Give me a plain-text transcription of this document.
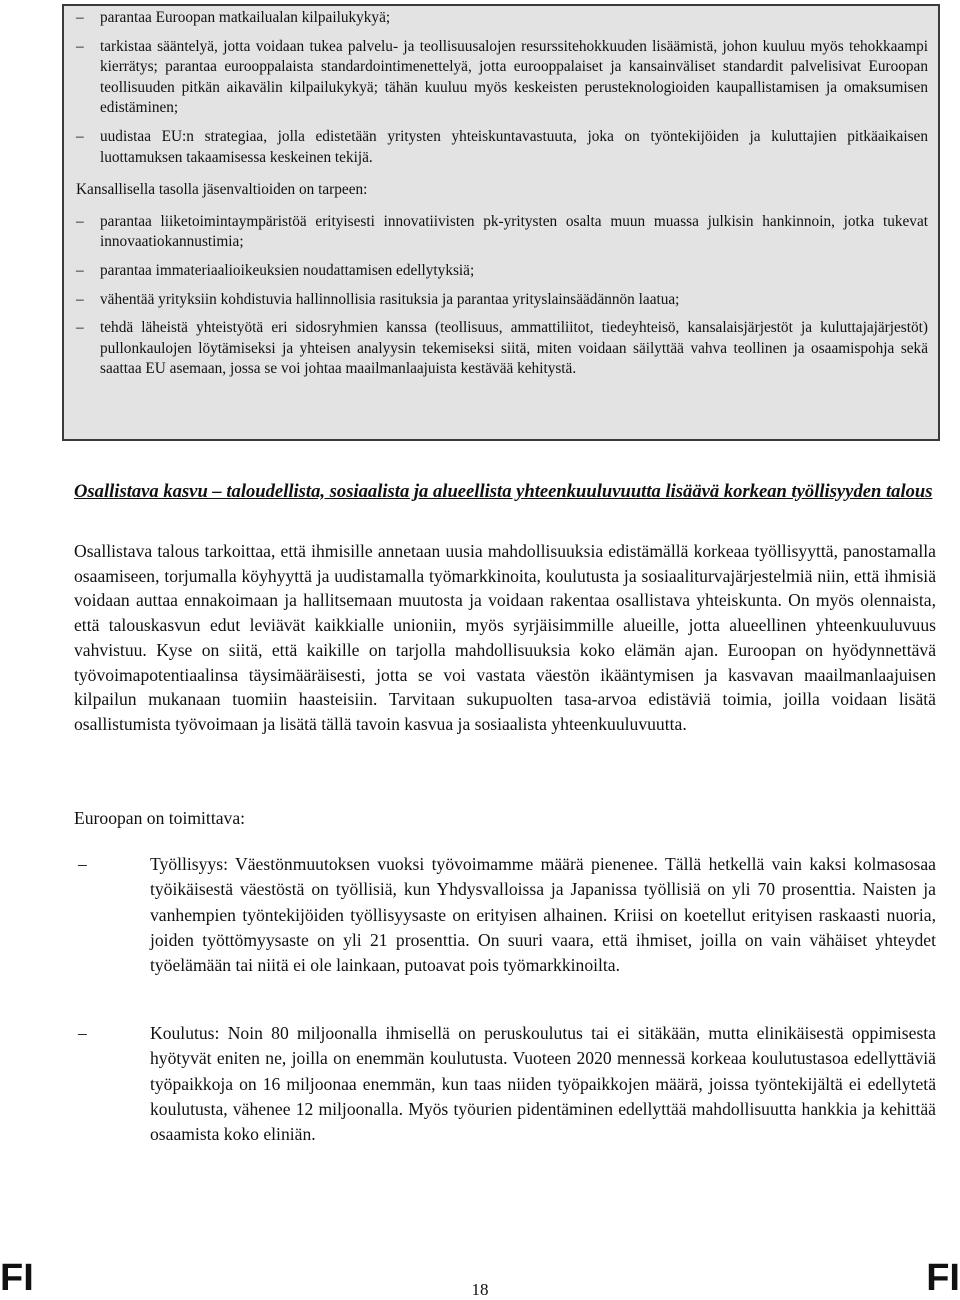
– parantaa Euroopan matkailualan kilpailukykyä;
– tarkistaa sääntelyä, jotta voidaan tukea palvelu- ja teollisuusalojen resurssitehokkuuden lisäämistä, johon kuuluu myös tehokkaampi kierrätys; parantaa eurooppalaista standardointimenettelyä, jotta eurooppalaiset ja kansainväliset standardit palvelisivat Euroopan teollisuuden pitkän aikavälin kilpailukykyä; tähän kuuluu myös keskeisten perusteknologioiden kaupallistamisen ja omaksumisen edistäminen;
– uudistaa EU:n strategiaa, jolla edistetään yritysten yhteiskuntavastuuta, joka on työntekijöiden ja kuluttajien pitkäaikaisen luottamuksen takaamisessa keskeinen tekijä.
Kansallisella tasolla jäsenvaltioiden on tarpeen:
– parantaa liiketoimintaympäristöä erityisesti innovatiivisten pk-yritysten osalta muun muassa julkisin hankinnoin, jotka tukevat innovaatiokannustimia;
– parantaa immateriaalioikeuksien noudattamisen edellytyksiä;
– vähentää yrityksiin kohdistuvia hallinnollisia rasituksia ja parantaa yrityslainsäädännön laatua;
– tehdä läheistä yhteistyötä eri sidosryhmien kanssa (teollisuus, ammattiliitot, tiedeyhteisö, kansalaisjärjestöt ja kuluttajajärjestöt) pullonkaulojen löytämiseksi ja yhteisen analyysin tekemiseksi siitä, miten voidaan säilyttää vahva teollinen ja osaamispohja sekä saattaa EU asemaan, jossa se voi johtaa maailmanlaajuista kestävää kehitystä.
Osallistava kasvu – taloudellista, sosiaalista ja alueellista yhteenkuuluvuutta lisäävä korkean työllisyyden talous
Osallistava talous tarkoittaa, että ihmisille annetaan uusia mahdollisuuksia edistämällä korkeaa työllisyyttä, panostamalla osaamiseen, torjumalla köyhyyttä ja uudistamalla työmarkkinoita, koulutusta ja sosiaaliturvajärjestelmiä niin, että ihmisiä voidaan auttaa ennakoimaan ja hallitsemaan muutosta ja voidaan rakentaa osallistava yhteiskunta. On myös olennaista, että talouskasvun edut leviävät kaikkialle unioniin, myös syrjäisimmille alueille, jotta alueellinen yhteenkuuluvuus vahvistuu. Kyse on siitä, että kaikille on tarjolla mahdollisuuksia koko elämän ajan. Euroopan on hyödynnettävä työvoimapotentiaalinsa täysimääräisesti, jotta se voi vastata väestön ikääntymisen ja kasvavan maailmanlaajuisen kilpailun mukanaan tuomiin haasteisiin. Tarvitaan sukupuolten tasa-arvoa edistäviä toimia, joilla voidaan lisätä osallistumista työvoimaan ja lisätä tällä tavoin kasvua ja sosiaalista yhteenkuuluvuutta.
Euroopan on toimittava:
–	Työllisyys: Väestönmuutoksen vuoksi työvoimamme määrä pienenee. Tällä hetkellä vain kaksi kolmasosaa työikäisestä väestöstä on työllisiä, kun Yhdysvalloissa ja Japanissa työllisiä on yli 70 prosenttia. Naisten ja vanhempien työntekijöiden työllisyysaste on erityisen alhainen. Kriisi on koetellut erityisen raskaasti nuoria, joiden työttömyysaste on yli 21 prosenttia. On suuri vaara, että ihmiset, joilla on vain vähäiset yhteydet työelämään tai niitä ei ole lainkaan, putoavat pois työmarkkinoilta.
–	Koulutus: Noin 80 miljoonalla ihmisellä on peruskoulutus tai ei sitäkään, mutta elinikäisestä oppimisesta hyötyvät eniten ne, joilla on enemmän koulutusta. Vuoteen 2020 mennessä korkeaa koulutustasoa edellyttäviä työpaikkoja on 16 miljoonaa enemmän, kun taas niiden työpaikkojen määrä, joissa työntekijältä ei edellytetä koulutusta, vähenee 12 miljoonalla. Myös työurien pidentäminen edellyttää mahdollisuutta hankkia ja kehittää osaamista koko eliniän.
FI	18	FI
